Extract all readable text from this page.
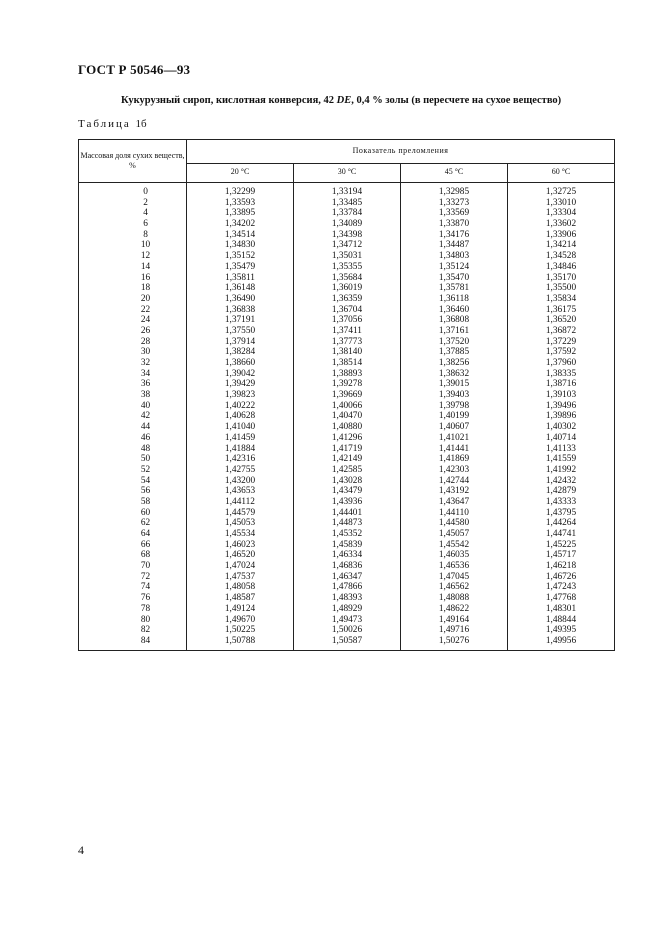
ГОСТ Р 50546—93
Кукурузный сироп, кислотная конверсия, 42 DE, 0,4 % золы (в пересчете на сухое вещество)
Таблица 1б
Массовая доля сухих веществ, %	Показатель преломления			
	20 °C	30 °C	45 °C	60 °C
0	1,32299	1,33194	1,32985	1,32725
2	1,33593	1,33485	1,33273	1,33010
4	1,33895	1,33784	1,33569	1,33304
6	1,34202	1,34089	1,33870	1,33602
8	1,34514	1,34398	1,34176	1,33906
10	1,34830	1,34712	1,34487	1,34214
12	1,35152	1,35031	1,34803	1,34528
14	1,35479	1,35355	1,35124	1,34846
16	1,35811	1,35684	1,35470	1,35170
18	1,36148	1,36019	1,35781	1,35500
20	1,36490	1,36359	1,36118	1,35834
22	1,36838	1,36704	1,36460	1,36175
24	1,37191	1,37056	1,36808	1,36520
26	1,37550	1,37411	1,37161	1,36872
28	1,37914	1,37773	1,37520	1,37229
30	1,38284	1,38140	1,37885	1,37592
32	1,38660	1,38514	1,38256	1,37960
34	1,39042	1,38893	1,38632	1,38335
36	1,39429	1,39278	1,39015	1,38716
38	1,39823	1,39669	1,39403	1,39103
40	1,40222	1,40066	1,39798	1,39496
42	1,40628	1,40470	1,40199	1,39896
44	1,41040	1,40880	1,40607	1,40302
46	1,41459	1,41296	1,41021	1,40714
48	1,41884	1,41719	1,41441	1,41133
50	1,42316	1,42149	1,41869	1,41559
52	1,42755	1,42585	1,42303	1,41992
54	1,43200	1,43028	1,42744	1,42432
56	1,43653	1,43479	1,43192	1,42879
58	1,44112	1,43936	1,43647	1,43333
60	1,44579	1,44401	1,44110	1,43795
62	1,45053	1,44873	1,44580	1,44264
64	1,45534	1,45352	1,45057	1,44741
66	1,46023	1,45839	1,45542	1,45225
68	1,46520	1,46334	1,46035	1,45717
70	1,47024	1,46836	1,46536	1,46218
72	1,47537	1,46347	1,47045	1,46726
74	1,48058	1,47866	1,46562	1,47243
76	1,48587	1,48393	1,48088	1,47768
78	1,49124	1,48929	1,48622	1,48301
80	1,49670	1,49473	1,49164	1,48844
82	1,50225	1,50026	1,49716	1,49395
84	1,50788	1,50587	1,50276	1,49956
4
